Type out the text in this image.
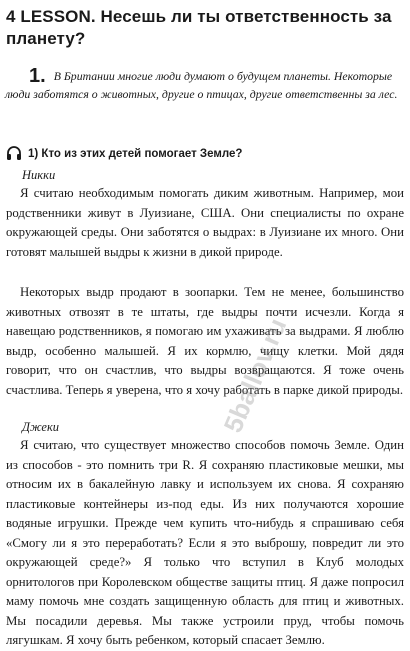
4 LESSON. Несешь ли ты ответственность за планету?
1. В Британии многие люди думают о будущем планеты. Некоторые люди заботятся о животных, другие о птицах, другие ответственны за лес.
1) Кто из этих детей помогает Земле?
Никки
Я считаю необходимым помогать диким животным. Например, мои родственники живут в Луизиане, США. Они специалисты по охране окружающей среды. Они заботятся о выдрах: в Луизиане их много. Они готовят малышей выдры к жизни в дикой природе.
Некоторых выдр продают в зоопарки. Тем не менее, большинство животных отвозят в те штаты, где выдры почти исчезли. Когда я навещаю родственников, я помогаю им ухаживать за выдрами. Я люблю выдр, особенно малышей. Я их кормлю, чищу клетки. Мой дядя говорит, что он счастлив, что выдры возвращаются. Я тоже очень счастлива. Теперь я уверена, что я хочу работать в парке дикой природы.
Джеки
Я считаю, что существует множество способов помочь Земле. Один из способов - это помнить три R. Я сохраняю пластиковые мешки, мы относим их в бакалейную лавку и используем их снова. Я сохраняю пластиковые контейнеры из-под еды. Из них получаются хорошие водяные игрушки. Прежде чем купить что-нибудь я спрашиваю себя «Смогу ли я это переработать? Если я это выброшу, повредит ли это окружающей среде?» Я только что вступил в Клуб молодых орнитологов при Королевском обществе защиты птиц. Я даже попросил маму помочь мне создать защищенную область для птиц и животных. Мы посадили деревья. Мы также устроили пруд, чтобы помочь лягушкам. Я хочу быть ребенком, который спасает Землю.
5ballov.ru
